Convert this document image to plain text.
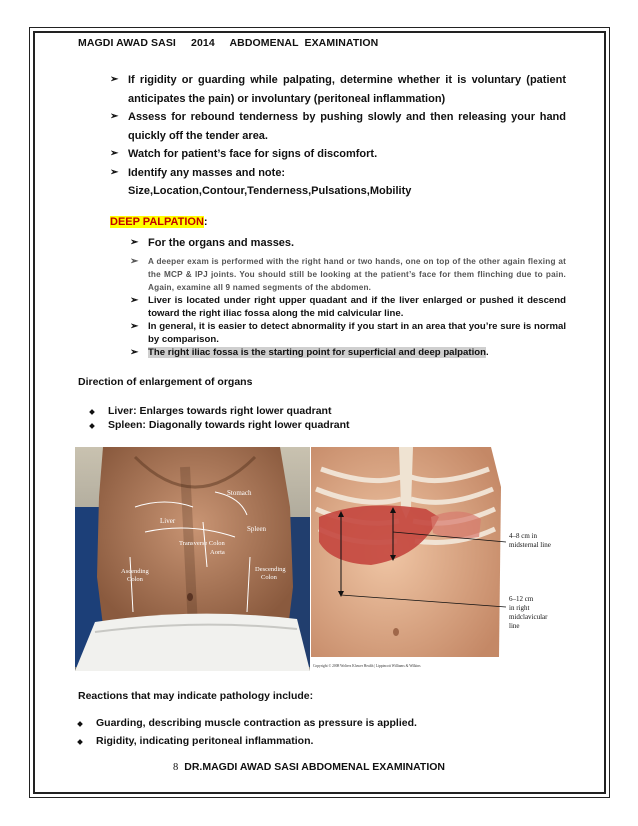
MAGDI AWAD SASI     2014     ABDOMENAL  EXAMINATION
➢ If rigidity or guarding while palpating, determine whether it is voluntary (patient anticipates the pain) or involuntary (peritoneal inflammation)
➢ Assess for rebound tenderness by pushing slowly and then releasing your hand quickly off the tender area.
➢ Watch for patient’s face for signs of discomfort.
➢ Identify any masses and note:
Size,Location,Contour,Tenderness,Pulsations,Mobility
DEEP PALPATION:
➢ For the organs and masses.
➢	A deeper exam is performed with the right hand or two hands, one on top of the other again flexing at the MCP & IPJ joints. You should still be looking at the patient’s face for them flinching due to pain. Again, examine all 9 named segments of the abdomen.
➢	Liver is located under right upper quadant and if the liver enlarged or pushed it descend toward the right iliac fossa along the mid calvicular line.
➢	In general, it is easier to detect abnormality if you start in an area that you’re sure is normal by comparison.
➢	The right iliac fossa is the starting point for superficial and deep palpation.
Direction of enlargement of organs
Liver: Enlarges towards right lower quadrant
Spleen: Diagonally towards right lower quadrant
Stomach
Liver
Spleen
Transverse Colon
Aorta
Ascending
Colon
Descending
Colon
4–8 cm in
midsternal line
6–12 cm
in right
midclavicular
line
Copyright © 2008 Wolters Kluwer Health | Lippincott Williams & Wilkins
Reactions that may indicate pathology include:
Guarding, describing muscle contraction as pressure is applied.
Rigidity, indicating peritoneal inflammation.
8 DR.MAGDI AWAD SASI ABDOMENAL EXAMINATION
